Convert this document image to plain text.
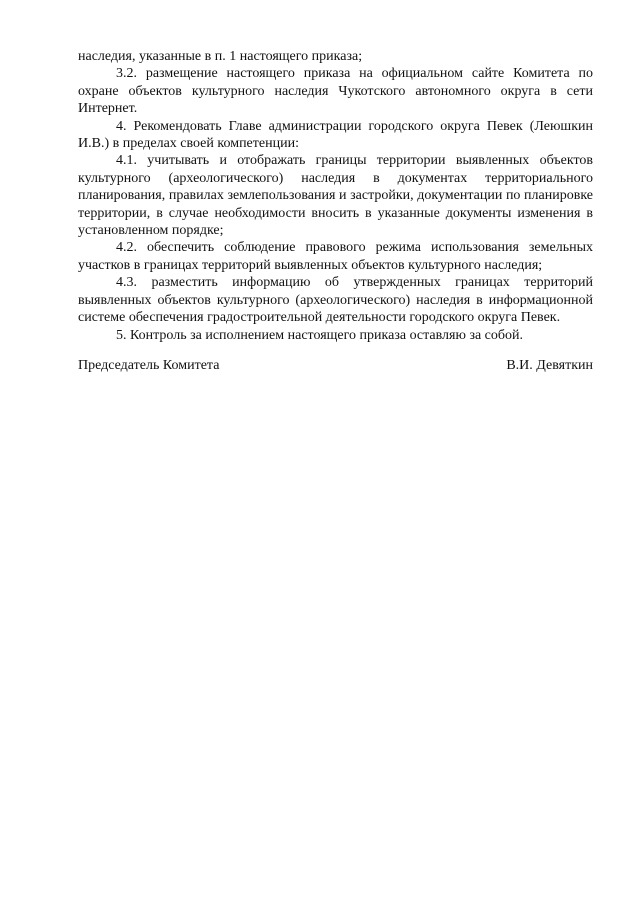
наследия, указанные в п. 1 настоящего приказа;

3.2. размещение настоящего приказа на официальном сайте Комитета по охране объектов культурного наследия Чукотского автономного округа в сети Интернет.

4. Рекомендовать Главе администрации городского округа Певек (Леюшкин И.В.) в пределах своей компетенции:

4.1. учитывать и отображать границы территории выявленных объектов культурного (археологического) наследия в документах территориального планирования, правилах землепользования и застройки, документации по планировке территории, в случае необходимости вносить в указанные документы изменения в установленном порядке;

4.2. обеспечить соблюдение правового режима использования земельных участков в границах территорий выявленных объектов культурного наследия;

4.3. разместить информацию об утвержденных границах территорий выявленных объектов культурного (археологического) наследия в информационной системе обеспечения градостроительной деятельности городского округа Певек.

5. Контроль за исполнением настоящего приказа оставляю за собой.

Председатель Комитета	В.И. Девяткин
